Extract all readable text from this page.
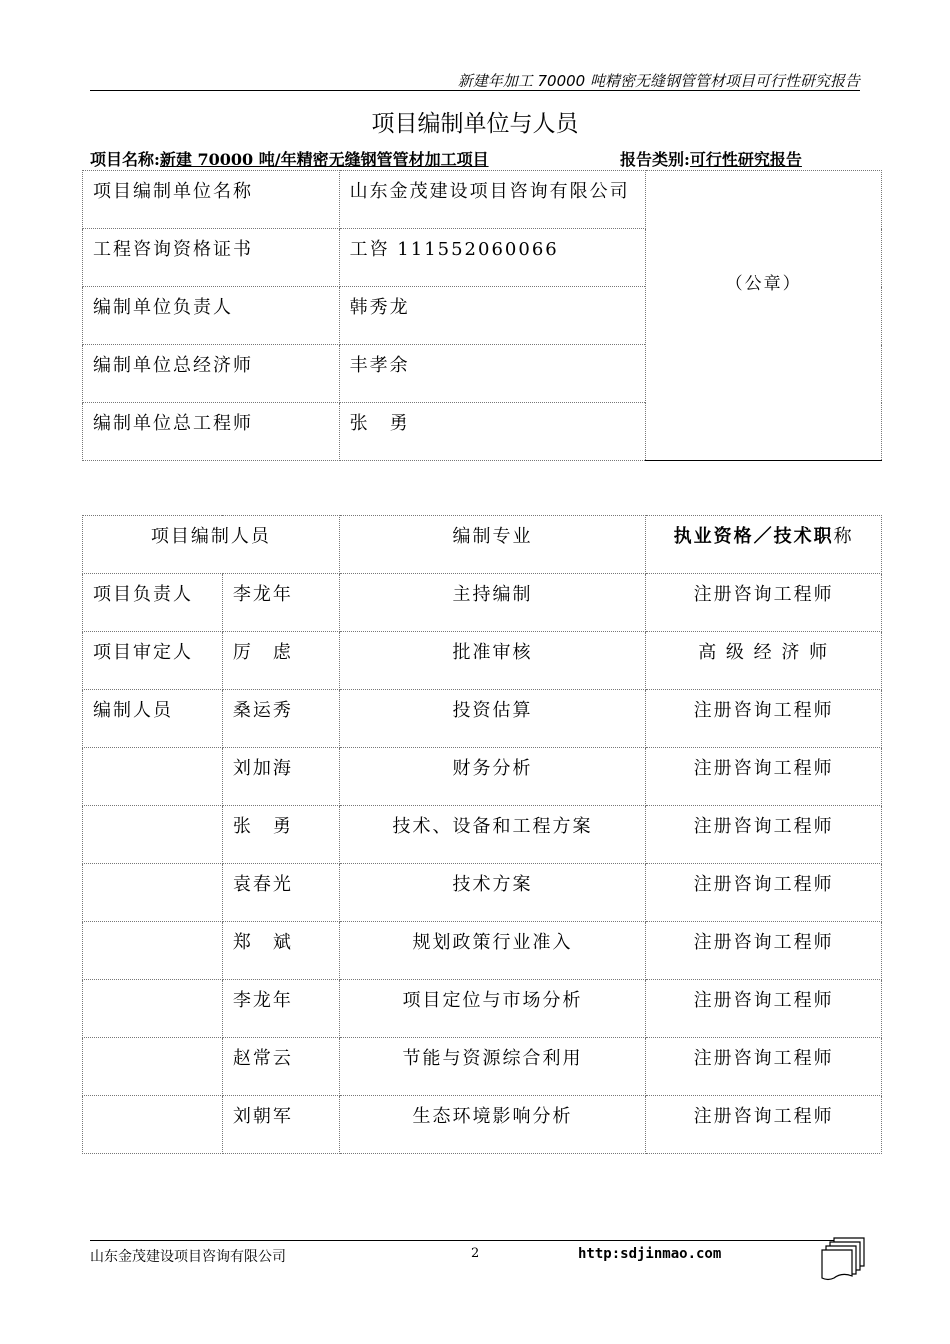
新建年加工 70000 吨精密无缝钢管管材项目可行性研究报告
项目编制单位与人员
项目名称:新建 70000 吨/年精密无缝钢管管材加工项目	报告类别:可行性研究报告
项目编制单位名称	山东金茂建设项目咨询有限公司	（公章）
工程咨询资格证书	工咨 111552060066	
编制单位负责人	韩秀龙	
编制单位总经济师	丰孝余	
编制单位总工程师	张　勇	
项目编制人员		编制专业	执业资格／技术职称
项目负责人	李龙年	主持编制	注册咨询工程师
项目审定人	厉　虑	批准审核	高 级 经 济 师
编制人员	桑运秀	投资估算	注册咨询工程师
	刘加海	财务分析	注册咨询工程师
	张　勇	技术、设备和工程方案	注册咨询工程师
	袁春光	技术方案	注册咨询工程师
	郑　斌	规划政策行业准入	注册咨询工程师
	李龙年	项目定位与市场分析	注册咨询工程师
	赵常云	节能与资源综合利用	注册咨询工程师
	刘朝军	生态环境影响分析	注册咨询工程师
山东金茂建设项目咨询有限公司	2	http:sdjinmao.com
